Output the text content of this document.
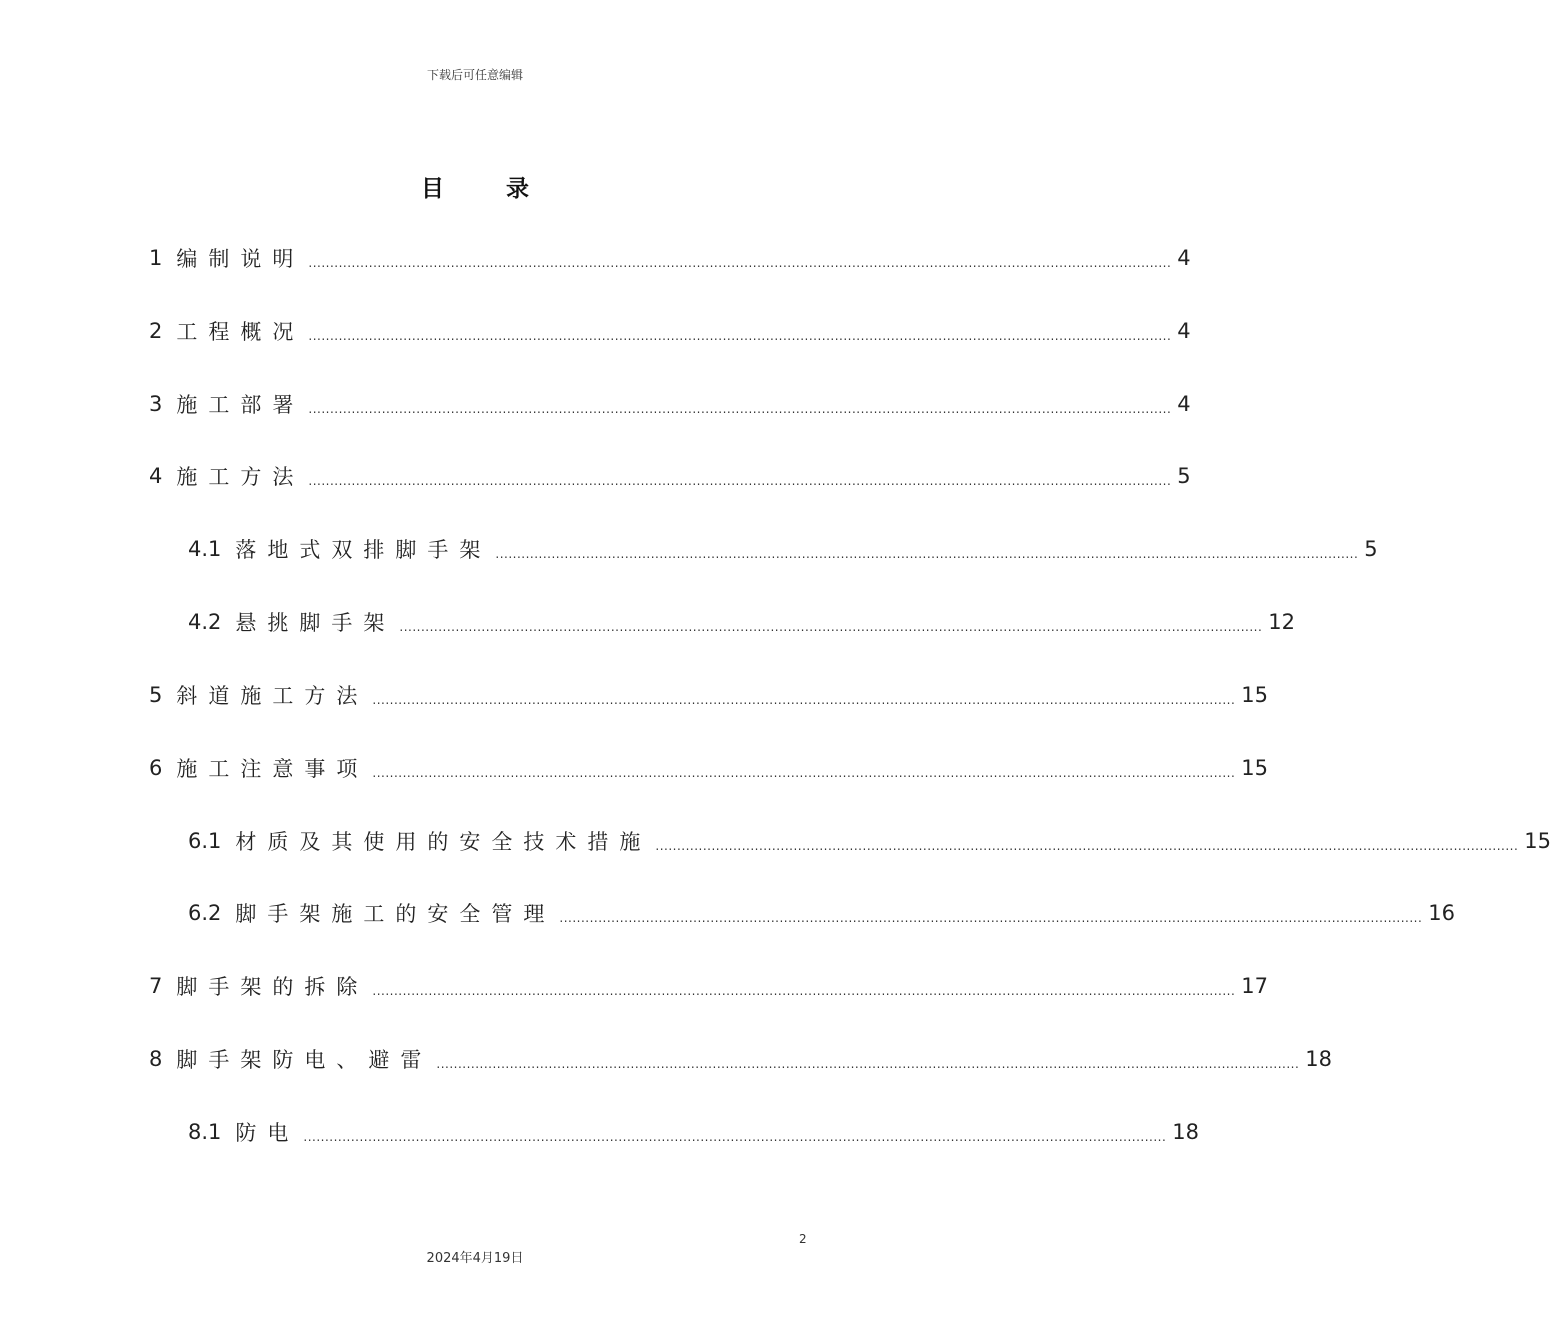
下载后可任意编辑
目录
1 编制说明 ........................................................................................................................................................................................................ 4
2 工程概况 ........................................................................................................................................................................................................ 4
3 施工部署 ........................................................................................................................................................................................................ 4
4 施工方法 ........................................................................................................................................................................................................ 5
4.1 落地式双排脚手架 ........................................................................................................................................................................................................ 5
4.2 悬挑脚手架 ........................................................................................................................................................................................................ 12
5 斜道施工方法 ........................................................................................................................................................................................................ 15
6 施工注意事项 ........................................................................................................................................................................................................ 15
6.1 材质及其使用的安全技术措施 ........................................................................................................................................................................................................ 15
6.2 脚手架施工的安全管理 ........................................................................................................................................................................................................ 16
7 脚手架的拆除 ........................................................................................................................................................................................................ 17
8 脚手架防电、避雷 ........................................................................................................................................................................................................ 18
8.1 防电 ........................................................................................................................................................................................................ 18
2
2024年4月19日
